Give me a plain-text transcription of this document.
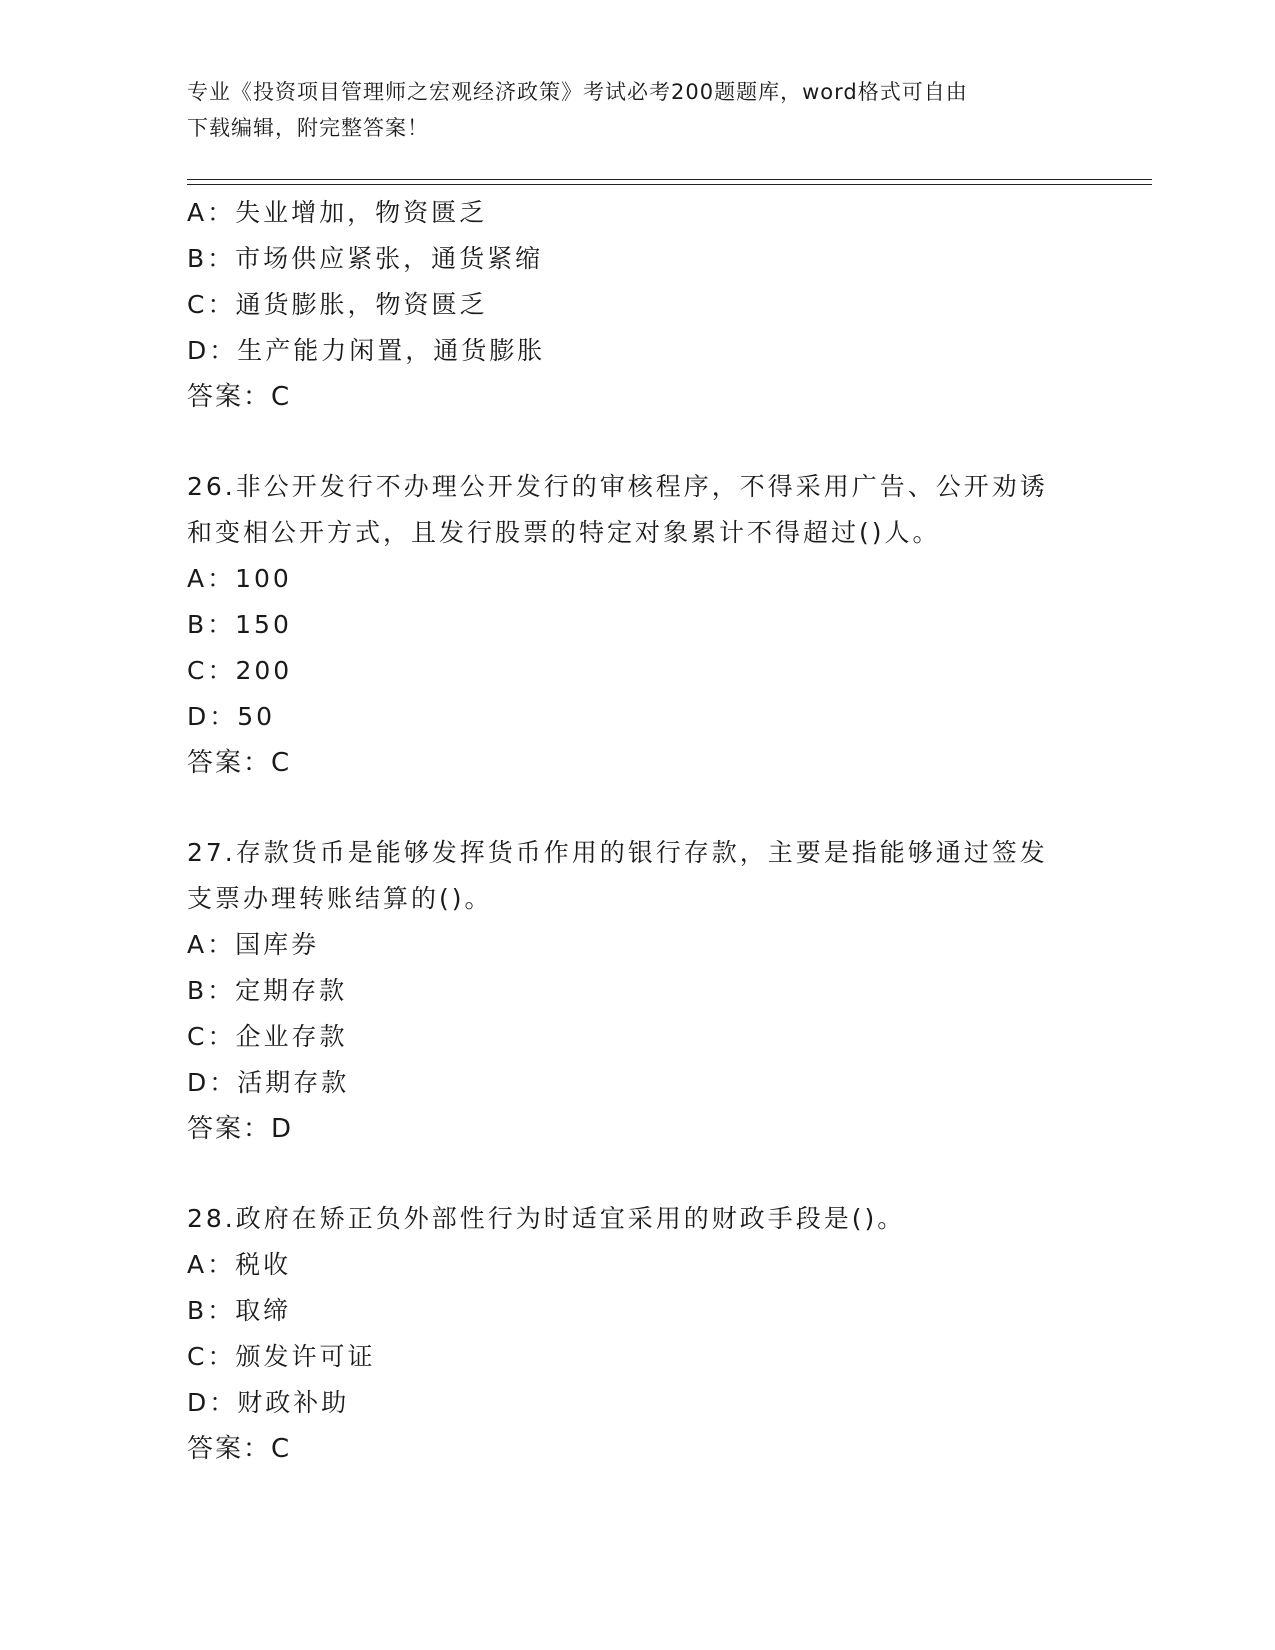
专业《投资项目管理师之宏观经济政策》考试必考200题题库，word格式可自由
下载编辑，附完整答案！
A：失业增加，物资匮乏
B：市场供应紧张，通货紧缩
C：通货膨胀，物资匮乏
D：生产能力闲置，通货膨胀
答案：C
26.非公开发行不办理公开发行的审核程序，不得采用广告、公开劝诱
和变相公开方式，且发行股票的特定对象累计不得超过()人。
A：100
B：150
C：200
D：50
答案：C
27.存款货币是能够发挥货币作用的银行存款，主要是指能够通过签发
支票办理转账结算的()。
A：国库券
B：定期存款
C：企业存款
D：活期存款
答案：D
28.政府在矫正负外部性行为时适宜采用的财政手段是()。
A：税收
B：取缔
C：颁发许可证
D：财政补助
答案：C
